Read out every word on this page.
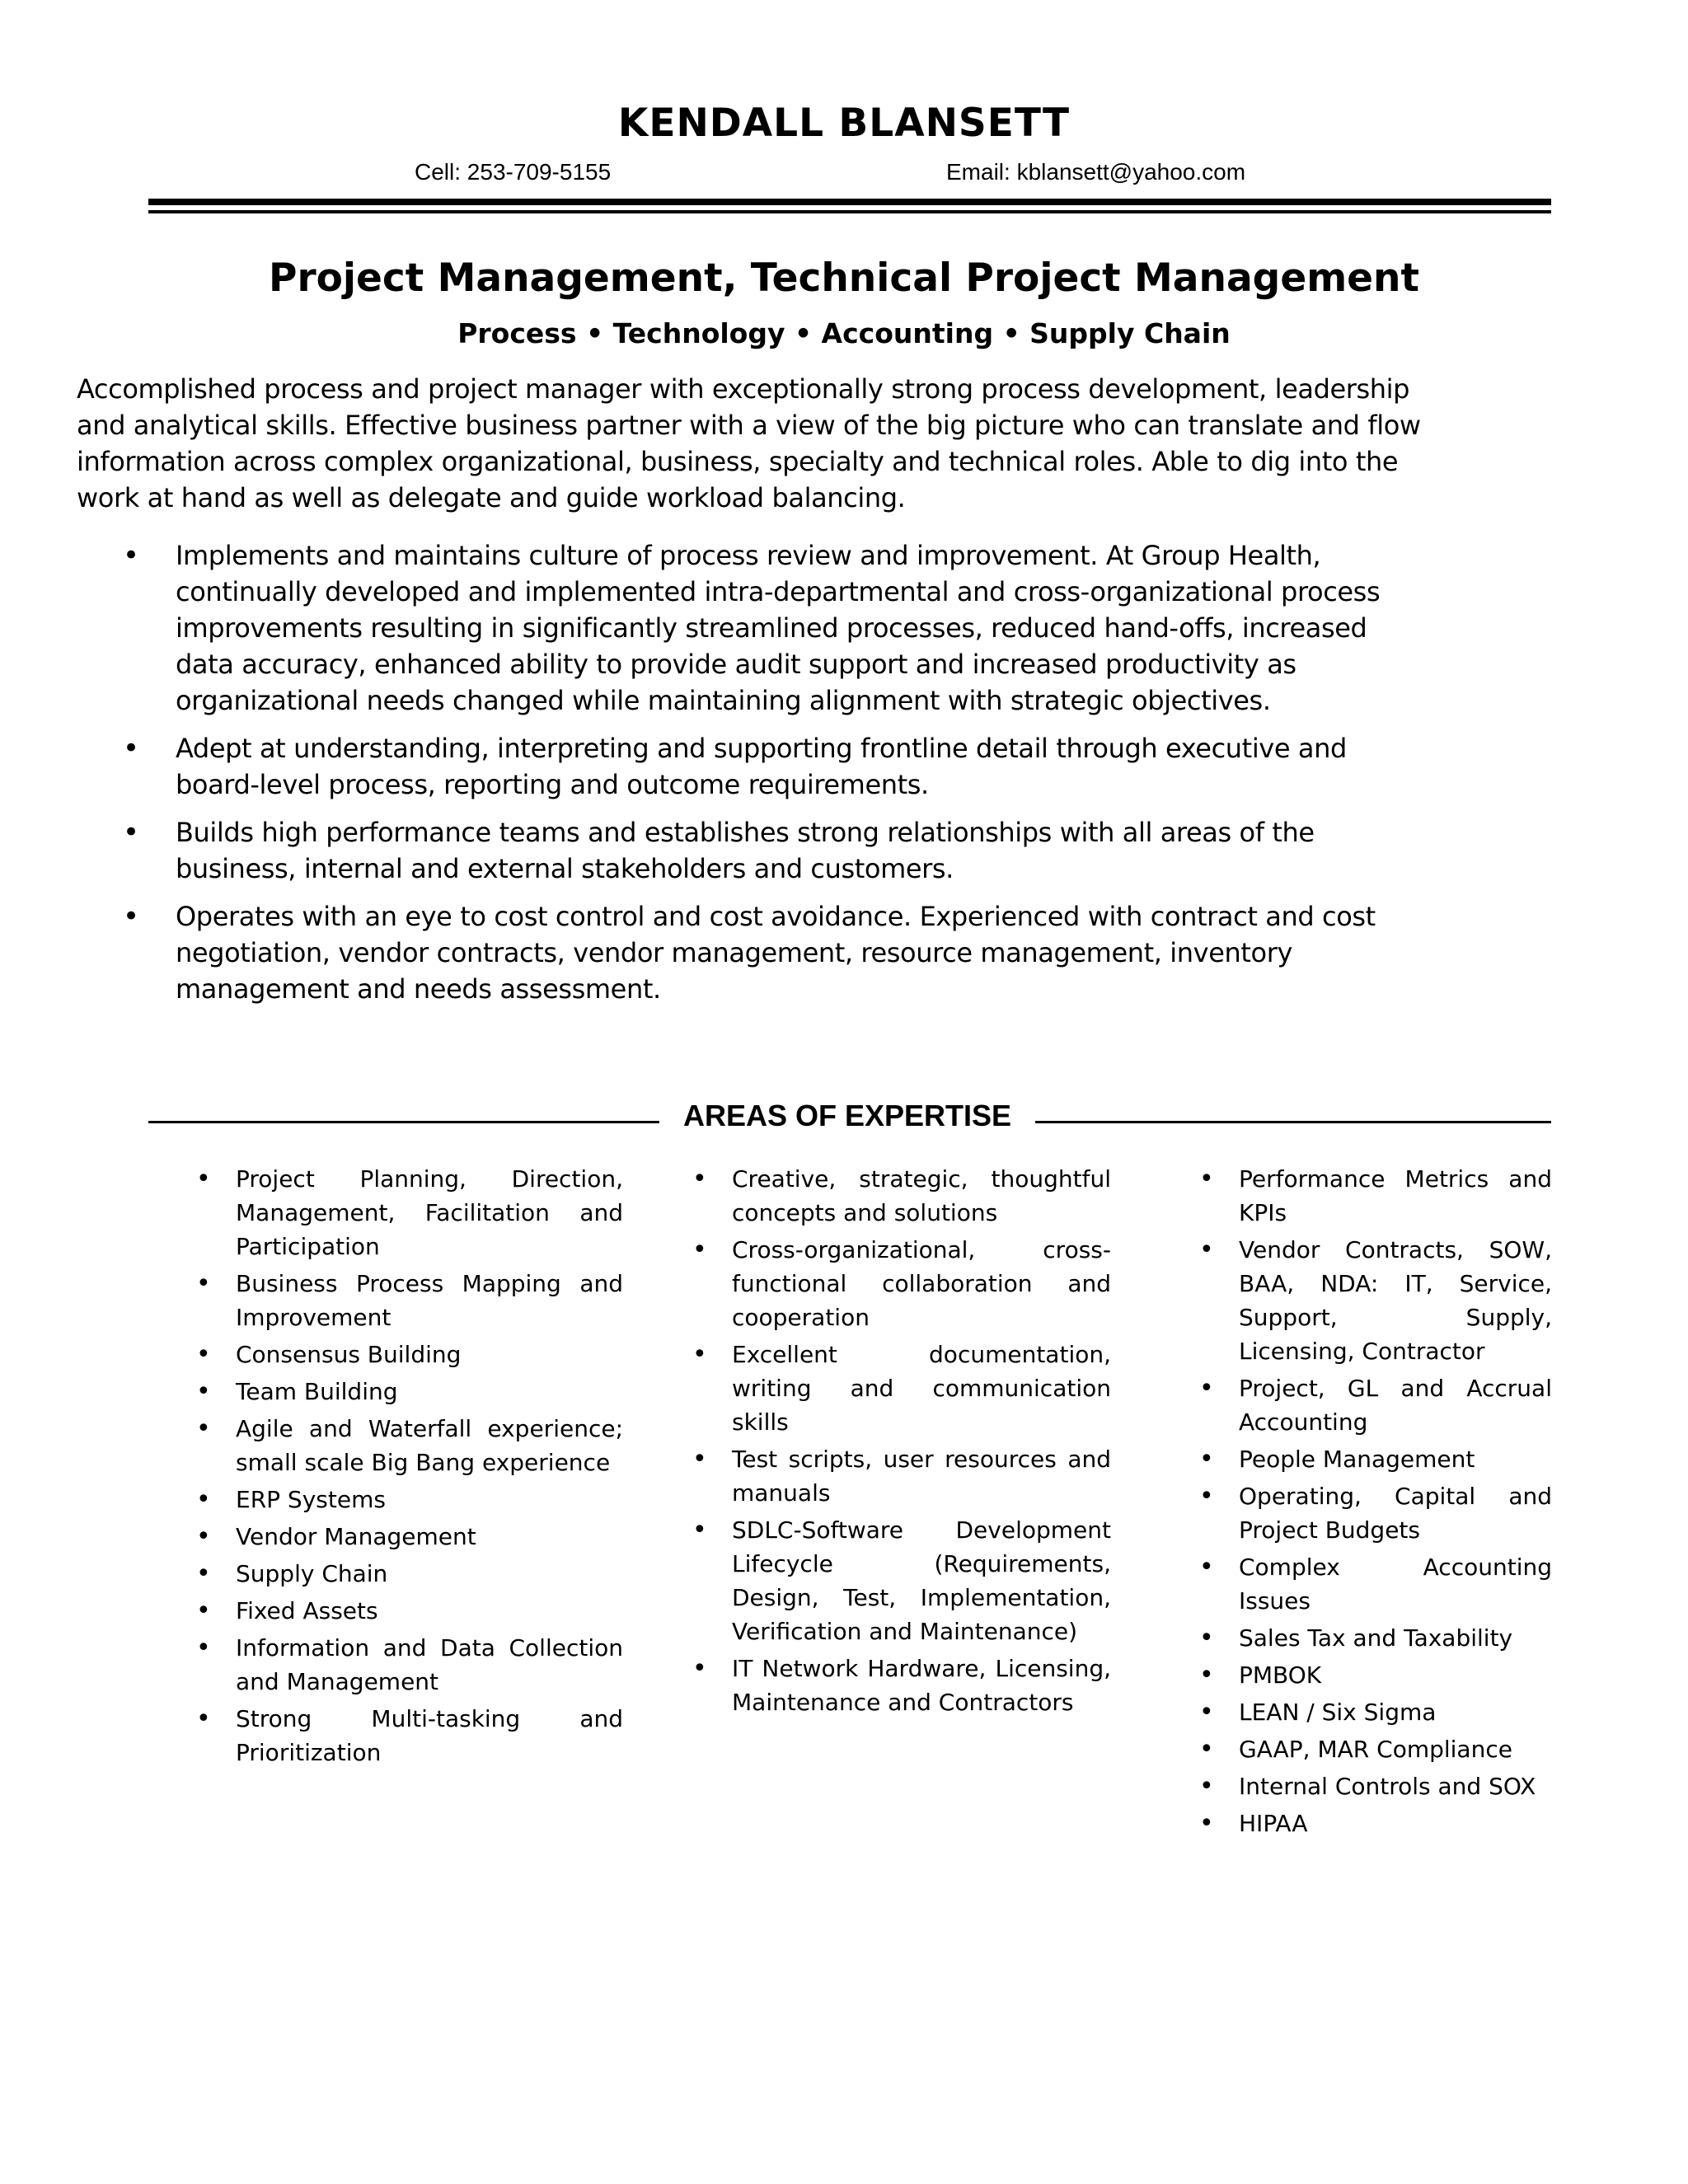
KENDALL BLANSETT
Cell: 253-709-5155	Email: kblansett@yahoo.com
Project Management, Technical Project Management
Process • Technology • Accounting • Supply Chain
Accomplished process and project manager with exceptionally strong process development, leadership and analytical skills. Effective business partner with a view of the big picture who can translate and flow information across complex organizational, business, specialty and technical roles. Able to dig into the work at hand as well as delegate and guide workload balancing.
• Implements and maintains culture of process review and improvement. At Group Health, continually developed and implemented intra-departmental and cross-organizational process improvements resulting in significantly streamlined processes, reduced hand-offs, increased data accuracy, enhanced ability to provide audit support and increased productivity as organizational needs changed while maintaining alignment with strategic objectives.
• Adept at understanding, interpreting and supporting frontline detail through executive and board-level process, reporting and outcome requirements.
• Builds high performance teams and establishes strong relationships with all areas of the business, internal and external stakeholders and customers.
• Operates with an eye to cost control and cost avoidance. Experienced with contract and cost negotiation, vendor contracts, vendor management, resource management, inventory management and needs assessment.
AREAS OF EXPERTISE
• Project Planning, Direction, Management, Facilitation and Participation
• Business Process Mapping and Improvement
• Consensus Building
• Team Building
• Agile and Waterfall experience; small scale Big Bang experience
• ERP Systems
• Vendor Management
• Supply Chain
• Fixed Assets
• Information and Data Collection and Management
• Strong Multi-tasking and Prioritization
• Creative, strategic, thoughtful concepts and solutions
• Cross-organizational, cross-functional collaboration and cooperation
• Excellent documentation, writing and communication skills
• Test scripts, user resources and manuals
• SDLC-Software Development Lifecycle (Requirements, Design, Test, Implementation, Verification and Maintenance)
• IT Network Hardware, Licensing, Maintenance and Contractors
• Performance Metrics and KPIs
• Vendor Contracts, SOW, BAA, NDA: IT, Service, Support, Supply, Licensing, Contractor
• Project, GL and Accrual Accounting
• People Management
• Operating, Capital and Project Budgets
• Complex Accounting Issues
• Sales Tax and Taxability
• PMBOK
• LEAN / Six Sigma
• GAAP, MAR Compliance
• Internal Controls and SOX
• HIPAA
